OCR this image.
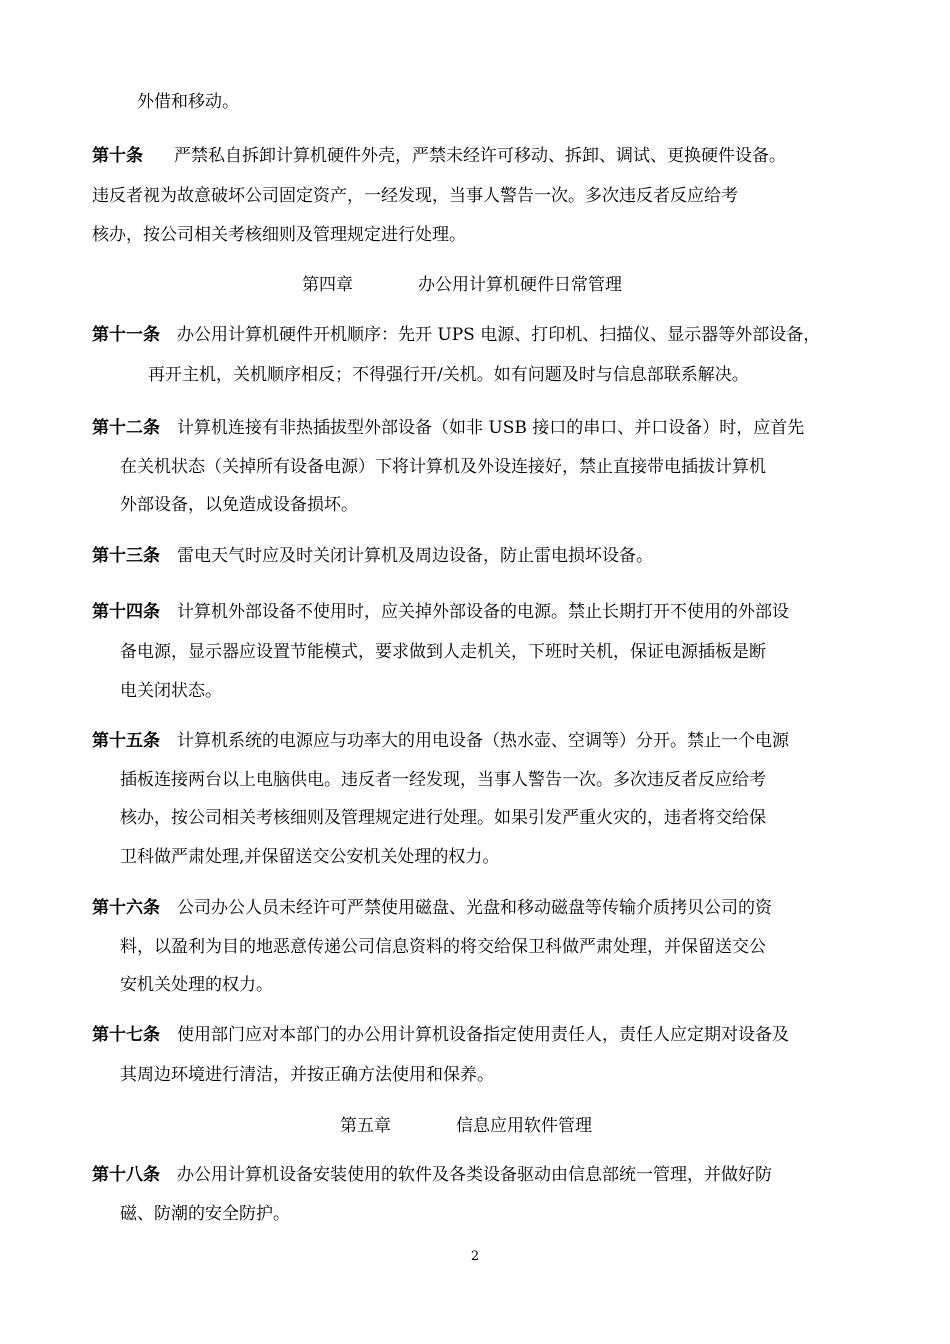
外借和移动。
第十条 严禁私自拆卸计算机硬件外壳，严禁未经许可移动、拆卸、调试、更换硬件设备。
违反者视为故意破坏公司固定资产，一经发现，当事人警告一次。多次违反者反应给考
核办，按公司相关考核细则及管理规定进行处理。
第四章	办公用计算机硬件日常管理
第十一条 办公用计算机硬件开机顺序：先开 UPS 电源、打印机、扫描仪、显示器等外部设备，
再开主机，关机顺序相反；不得强行开/关机。如有问题及时与信息部联系解决。
第十二条 计算机连接有非热插拔型外部设备（如非 USB 接口的串口、并口设备）时，应首先
在关机状态（关掉所有设备电源）下将计算机及外设连接好，禁止直接带电插拔计算机
外部设备，以免造成设备损坏。
第十三条 雷电天气时应及时关闭计算机及周边设备，防止雷电损坏设备。
第十四条 计算机外部设备不使用时，应关掉外部设备的电源。禁止长期打开不使用的外部设
备电源，显示器应设置节能模式，要求做到人走机关，下班时关机，保证电源插板是断
电关闭状态。
第十五条 计算机系统的电源应与功率大的用电设备（热水壶、空调等）分开。禁止一个电源
插板连接两台以上电脑供电。违反者一经发现，当事人警告一次。多次违反者反应给考
核办，按公司相关考核细则及管理规定进行处理。如果引发严重火灾的，违者将交给保
卫科做严肃处理,并保留送交公安机关处理的权力。
第十六条 公司办公人员未经许可严禁使用磁盘、光盘和移动磁盘等传输介质拷贝公司的资
料，以盈利为目的地恶意传递公司信息资料的将交给保卫科做严肃处理，并保留送交公
安机关处理的权力。
第十七条 使用部门应对本部门的办公用计算机设备指定使用责任人，责任人应定期对设备及
其周边环境进行清洁，并按正确方法使用和保养。
第五章	信息应用软件管理
第十八条 办公用计算机设备安装使用的软件及各类设备驱动由信息部统一管理，并做好防
磁、防潮的安全防护。
2
